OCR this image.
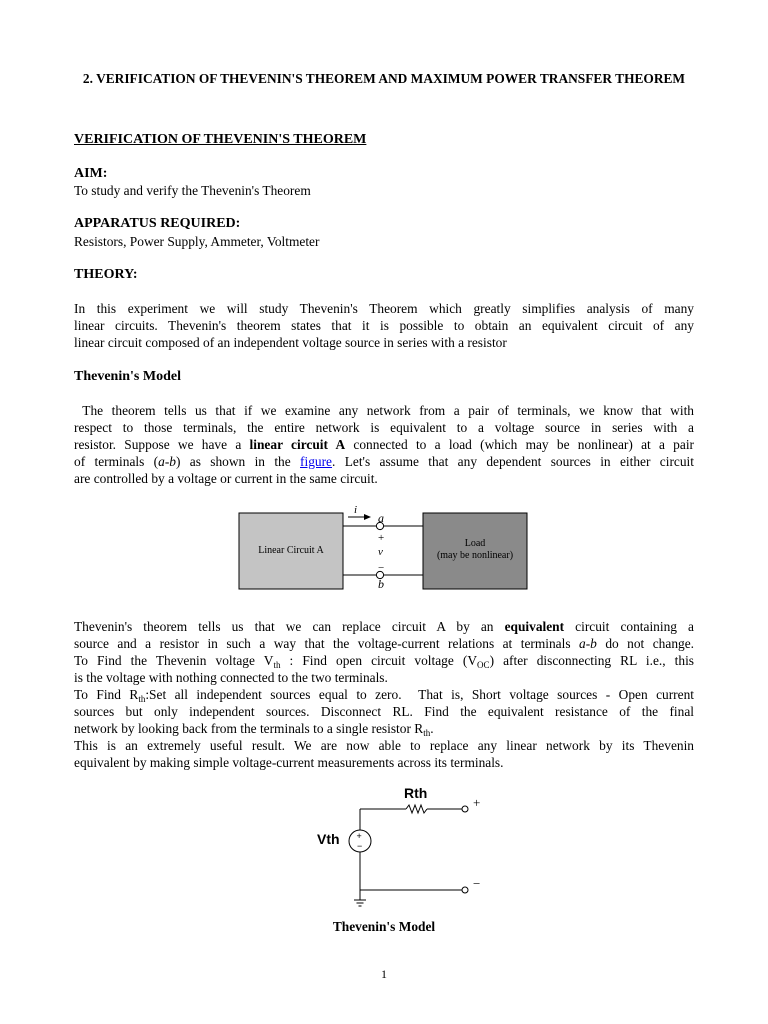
2. VERIFICATION OF THEVENIN'S THEOREM AND MAXIMUM POWER TRANSFER THEOREM
VERIFICATION OF THEVENIN'S THEOREM
AIM:
To study and verify the Thevenin's Theorem
APPARATUS REQUIRED:
Resistors, Power Supply, Ammeter, Voltmeter
THEORY:
In this experiment we will study Thevenin's Theorem which greatly simplifies analysis of many
linear circuits. Thevenin's theorem states that it is possible to obtain an equivalent circuit of any
linear circuit composed of an independent voltage source in series with a resistor
Thevenin's Model
The theorem tells us that if we examine any network from a pair of terminals, we know that with
respect to those terminals, the entire network is equivalent to a voltage source in series with a
resistor. Suppose we have a linear circuit A connected to a load (which may be nonlinear) at a pair
of terminals (a-b) as shown in the figure. Let's assume that any dependent sources in either circuit
are controlled by a voltage or current in the same circuit.
i
a
+
v
−
b
Linear Circuit A
Load
(may be nonlinear)
Thevenin's theorem tells us that we can replace circuit A by an equivalent circuit containing a
source and a resistor in such a way that the voltage-current relations at terminals a-b do not change.
To Find the Thevenin voltage $V_{th}$ : Find open circuit voltage $(V_{OC})$ after disconnecting RL i.e., this
is the voltage with nothing connected to the two terminals.
To Find $R_{th}:Set$ all independent sources equal to zero.  That is, Short voltage sources - Open current
sources but only independent sources. Disconnect RL. Find the equivalent resistance of the final
network by looking back from the terminals to a single resistor $R_{th}$.
This is an extremely useful result. We are now able to replace any linear network by its Thevenin
equivalent by making simple voltage-current measurements across its terminals.
Rth
Vth
+
+
−
−
Thevenin's Model
1
